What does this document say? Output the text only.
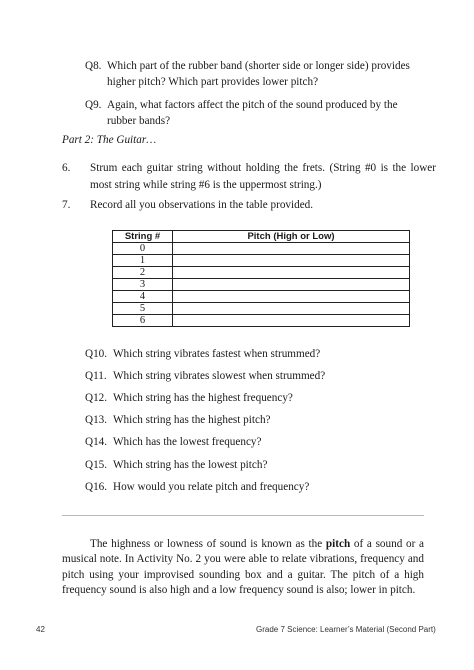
Q8. Which part of the rubber band (shorter side or longer side) provides higher pitch? Which part provides lower pitch?
Q9. Again, what factors affect the pitch of the sound produced by the rubber bands?
Part 2: The Guitar…
6. Strum each guitar string without holding the frets. (String #0 is the lower most string while string #6 is the uppermost string.)
7. Record all you observations in the table provided.
String #	Pitch (High or Low)
0	
1	
2	
3	
4	
5	
6	
Q10. Which string vibrates fastest when strummed?
Q11. Which string vibrates slowest when strummed?
Q12. Which string has the highest frequency?
Q13. Which string has the highest pitch?
Q14. Which has the lowest frequency?
Q15. Which string has the lowest pitch?
Q16. How would you relate pitch and frequency?
The highness or lowness of sound is known as the pitch of a sound or a musical note. In Activity No. 2 you were able to relate vibrations, frequency and pitch using your improvised sounding box and a guitar. The pitch of a high frequency sound is also high and a low frequency sound is also; lower in pitch.
42	Grade 7 Science: Learner’s Material (Second Part)
